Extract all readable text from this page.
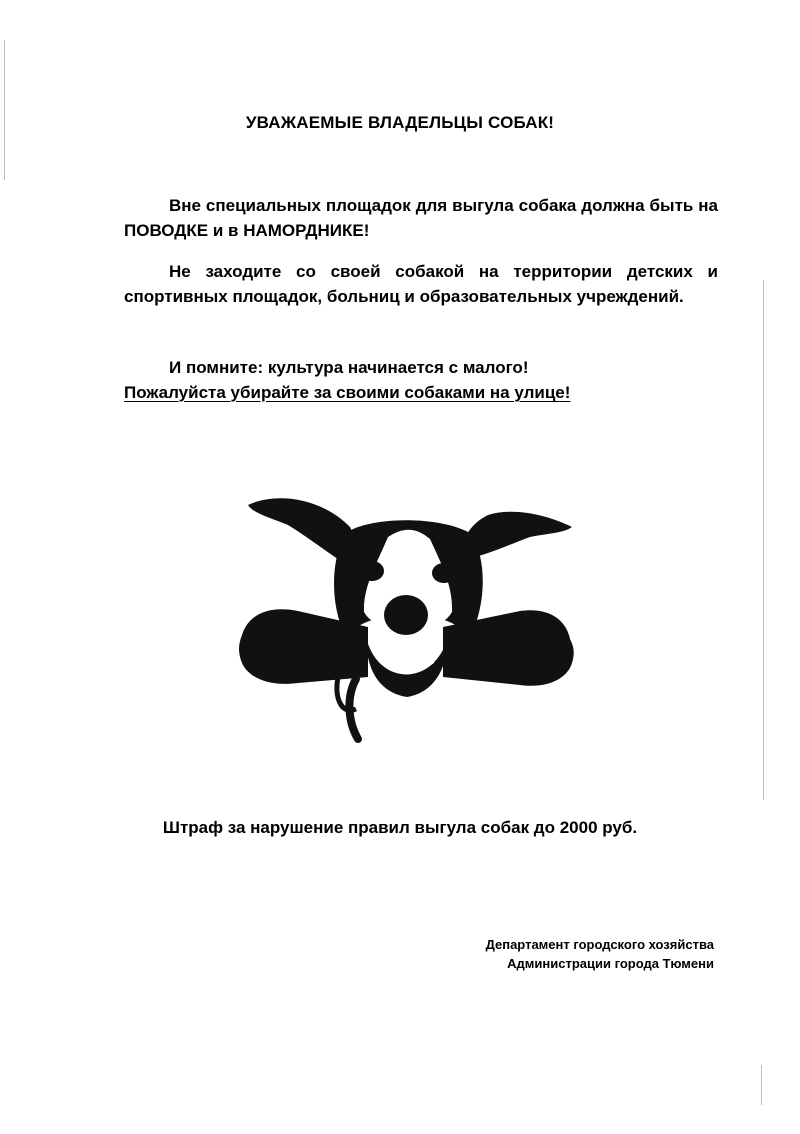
УВАЖАЕМЫЕ ВЛАДЕЛЬЦЫ СОБАК!

Вне специальных площадок для выгула собака должна быть на ПОВОДКЕ и в НАМОРДНИКЕ!

Не заходите со своей собакой на территории детских и спортивных площадок, больниц и образовательных учреждений.

И помните: культура начинается с малого!
Пожалуйста убирайте за своими собаками на улице!

Штраф за нарушение правил выгула собак до 2000 руб.
Департамент городского хозяйства
Администрации города Тюмени
